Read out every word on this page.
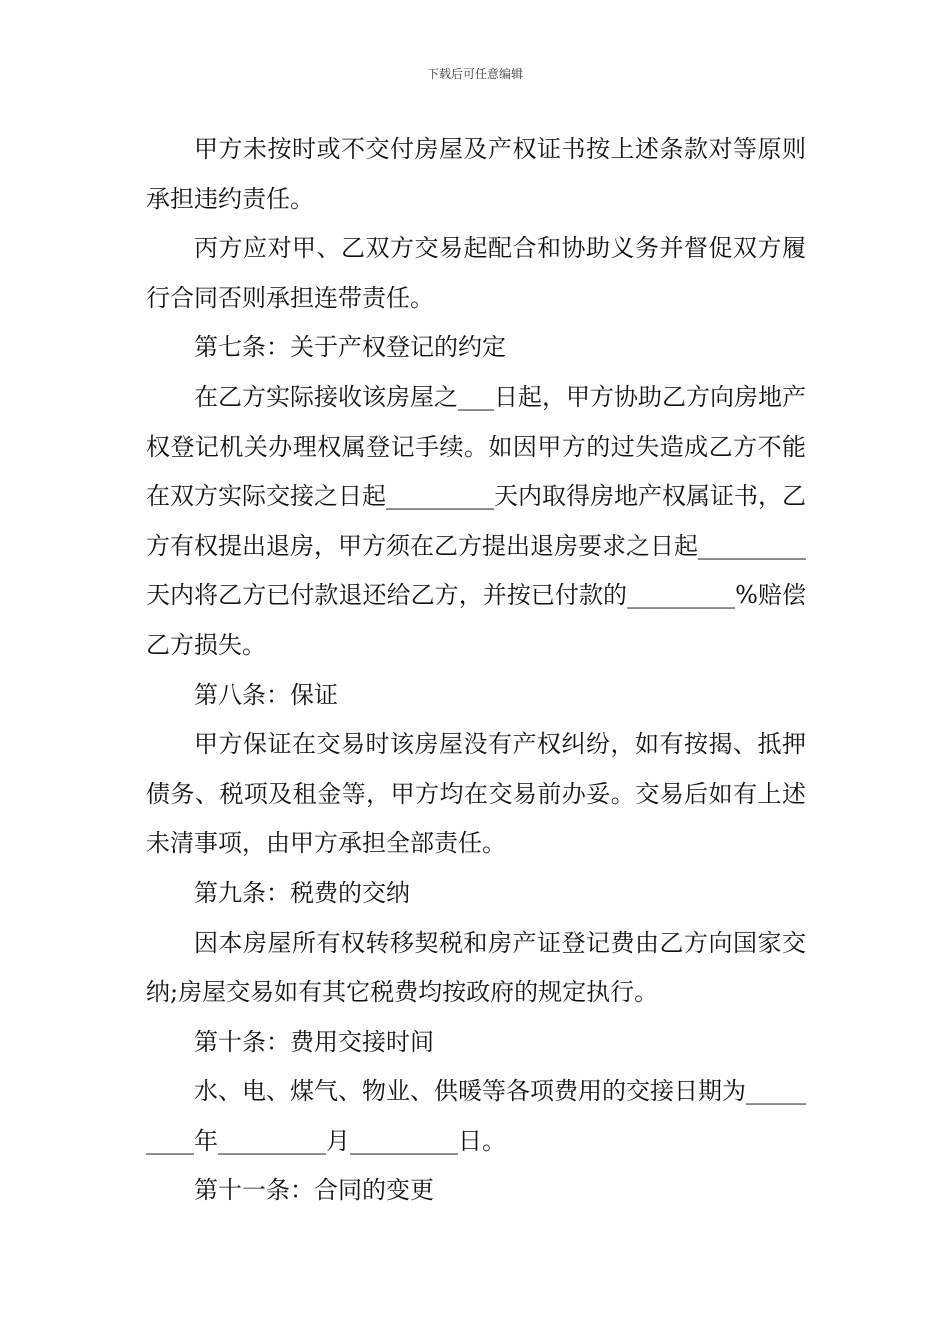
下载后可任意编辑

甲方未按时或不交付房屋及产权证书按上述条款对等原则承担违约责任。

丙方应对甲、乙双方交易起配合和协助义务并督促双方履行合同否则承担连带责任。

第七条：关于产权登记的约定

在乙方实际接收该房屋之___日起，甲方协助乙方向房地产权登记机关办理权属登记手续。如因甲方的过失造成乙方不能在双方实际交接之日起_________天内取得房地产权属证书，乙方有权提出退房，甲方须在乙方提出退房要求之日起_________天内将乙方已付款退还给乙方，并按已付款的_________%赔偿乙方损失。

第八条：保证

甲方保证在交易时该房屋没有产权纠纷，如有按揭、抵押债务、税项及租金等，甲方均在交易前办妥。交易后如有上述未清事项，由甲方承担全部责任。

第九条：税费的交纳

因本房屋所有权转移契税和房产证登记费由乙方向国家交纳;房屋交易如有其它税费均按政府的规定执行。

第十条：费用交接时间

水、电、煤气、物业、供暖等各项费用的交接日期为_________年_________月_________日。

第十一条：合同的变更
